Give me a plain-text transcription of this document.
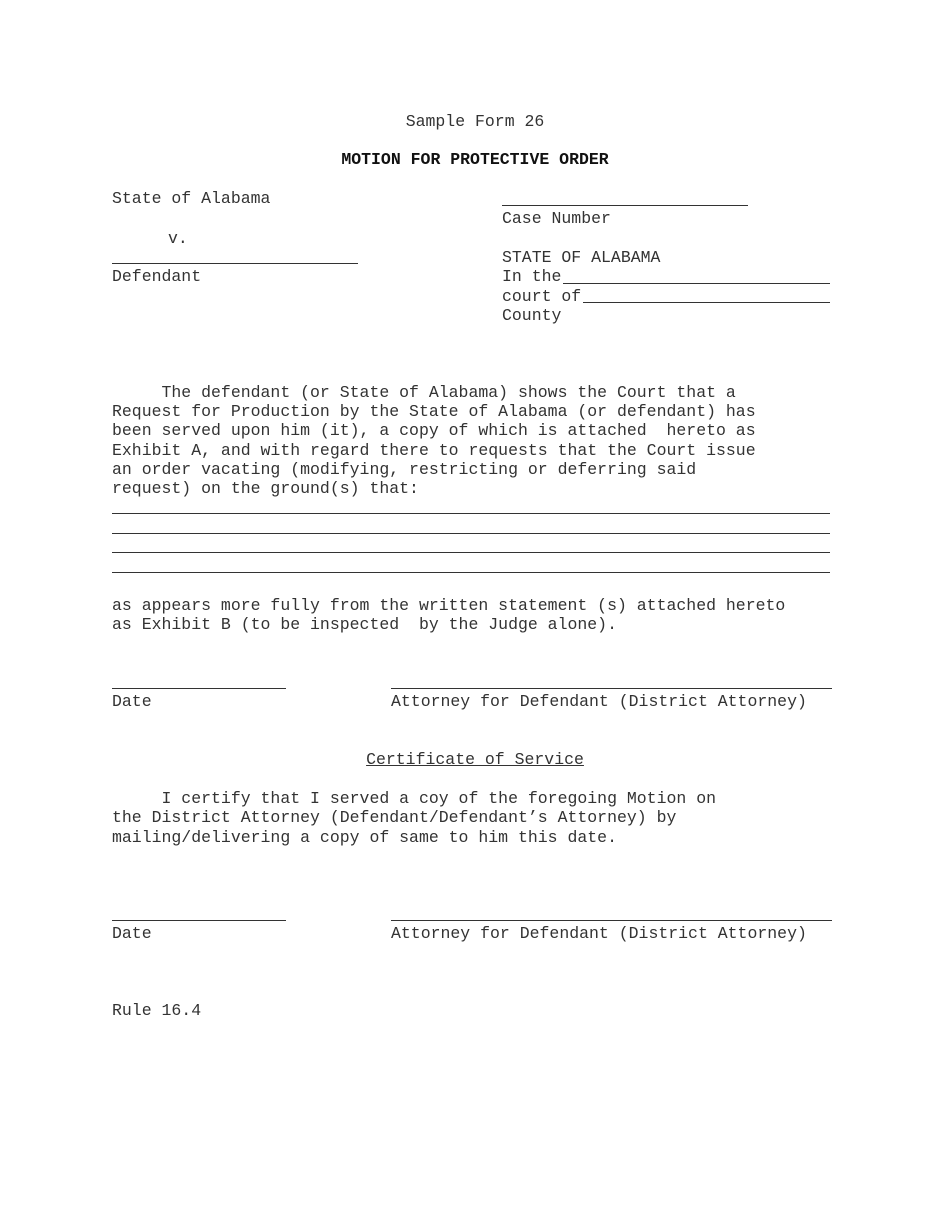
Sample Form 26
MOTION FOR PROTECTIVE ORDER
State of Alabama
v.
Defendant
Case Number
STATE OF ALABAMA
In the
court of
County
The defendant (or State of Alabama) shows the Court that a
Request for Production by the State of Alabama (or defendant) has
been served upon him (it), a copy of which is attached  hereto as
Exhibit A, and with regard there to requests that the Court issue
an order vacating (modifying, restricting or deferring said
request) on the ground(s) that:
as appears more fully from the written statement (s) attached hereto
as Exhibit B (to be inspected  by the Judge alone).
Date	Attorney for Defendant (District Attorney)
Certificate of Service
I certify that I served a coy of the foregoing Motion on
the District Attorney (Defendant/Defendant’s Attorney) by
mailing/delivering a copy of same to him this date.
Date	Attorney for Defendant (District Attorney)
Rule 16.4
